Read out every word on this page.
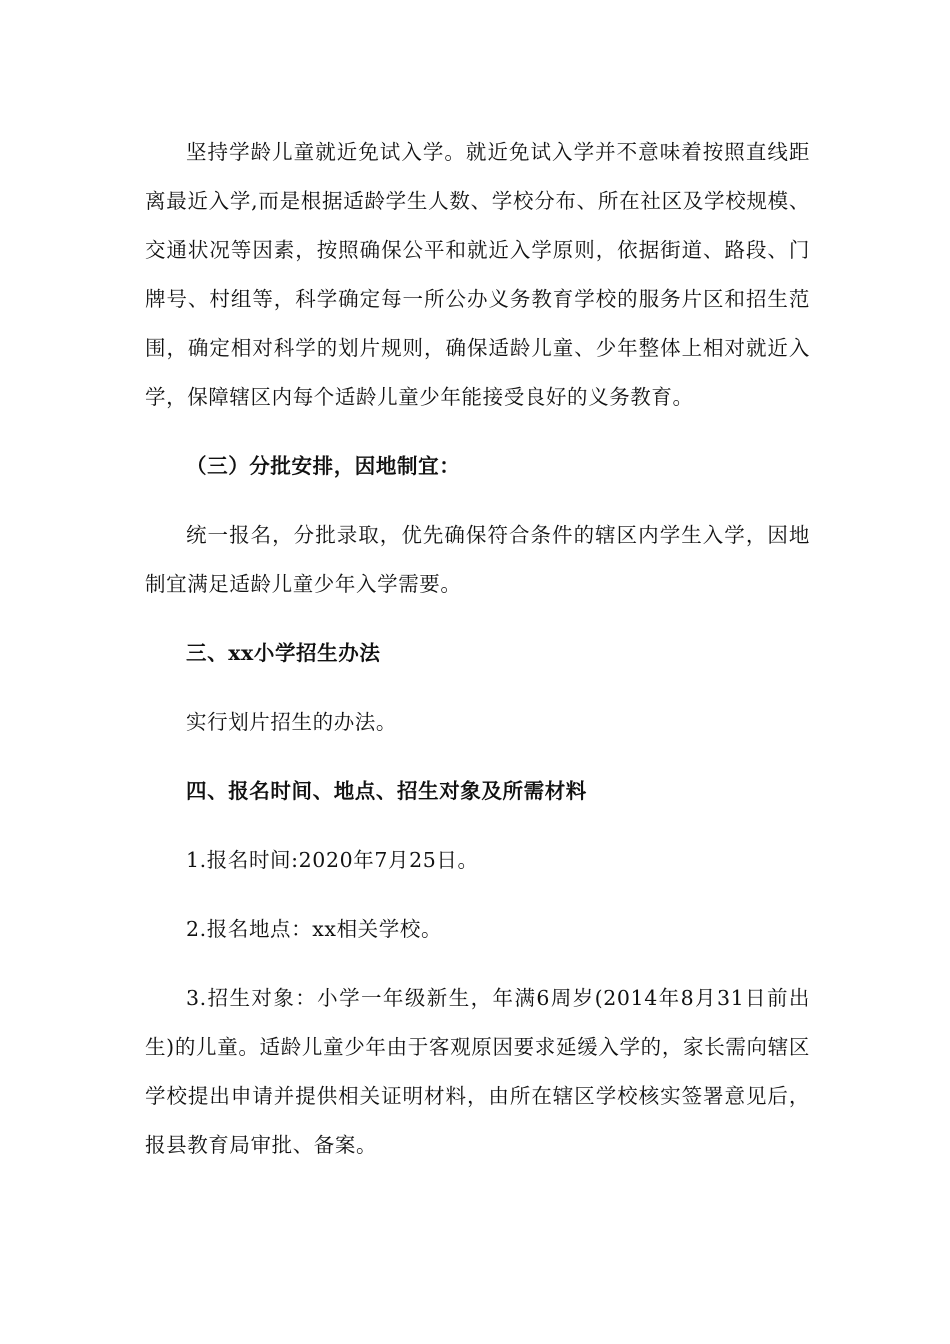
坚持学龄儿童就近免试入学。就近免试入学并不意味着按照直线距离最近入学,而是根据适龄学生人数、学校分布、所在社区及学校规模、交通状况等因素，按照确保公平和就近入学原则，依据街道、路段、门牌号、村组等，科学确定每一所公办义务教育学校的服务片区和招生范围，确定相对科学的划片规则，确保适龄儿童、少年整体上相对就近入学，保障辖区内每个适龄儿童少年能接受良好的义务教育。

（三）分批安排，因地制宜：

统一报名，分批录取，优先确保符合条件的辖区内学生入学，因地制宜满足适龄儿童少年入学需要。

三、xx小学招生办法

实行划片招生的办法。

四、报名时间、地点、招生对象及所需材料

1.报名时间:2020年7月25日。

2.报名地点：xx相关学校。

3.招生对象：小学一年级新生，年满6周岁(2014年8月31日前出生)的儿童。适龄儿童少年由于客观原因要求延缓入学的，家长需向辖区学校提出申请并提供相关证明材料，由所在辖区学校核实签署意见后，报县教育局审批、备案。
